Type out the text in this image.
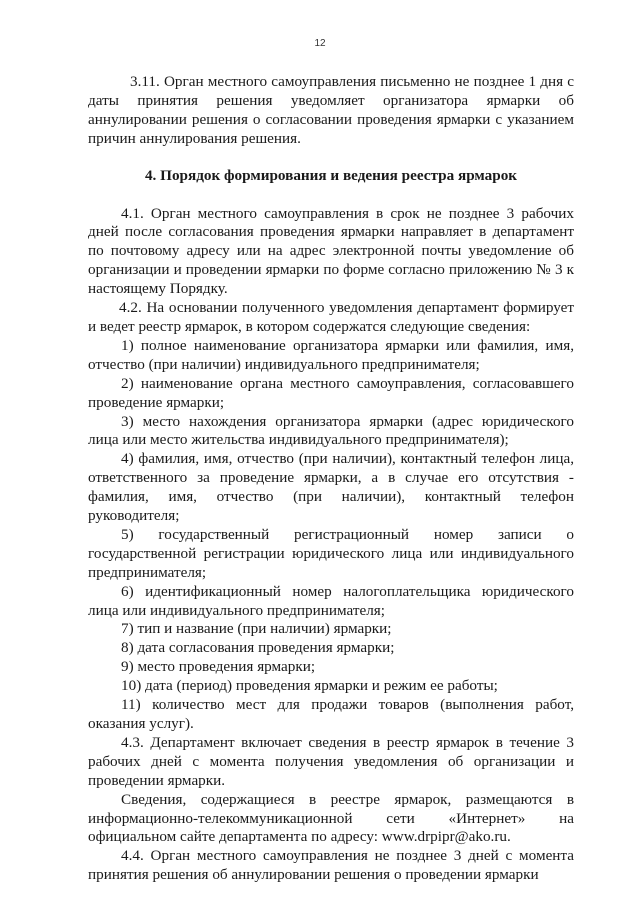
12

3.11. Орган местного самоуправления письменно не позднее 1 дня с даты принятия решения уведомляет организатора ярмарки об аннулировании решения о согласовании проведения ярмарки с указанием причин аннулирования решения.

4. Порядок формирования и ведения реестра ярмарок

4.1. Орган местного самоуправления в срок не позднее 3 рабочих дней после согласования проведения ярмарки направляет в департамент по почтовому адресу или на адрес электронной почты уведомление об организации и проведении ярмарки по форме согласно приложению № 3 к настоящему Порядку.

4.2. На основании полученного уведомления департамент формирует и ведет реестр ярмарок, в котором содержатся следующие сведения:

1) полное наименование организатора ярмарки или фамилия, имя, отчество (при наличии) индивидуального предпринимателя;

2) наименование органа местного самоуправления, согласовавшего проведение ярмарки;

3) место нахождения организатора ярмарки (адрес юридического лица или место жительства индивидуального предпринимателя);

4) фамилия, имя, отчество (при наличии), контактный телефон лица, ответственного за проведение ярмарки, а в случае его отсутствия - фамилия, имя, отчество (при наличии), контактный телефон руководителя;

5) государственный регистрационный номер записи о государственной регистрации юридического лица или индивидуального предпринимателя;

6) идентификационный номер налогоплательщика юридического лица или индивидуального предпринимателя;

7) тип и название (при наличии) ярмарки;

8) дата согласования проведения ярмарки;

9) место проведения ярмарки;

10) дата (период) проведения ярмарки и режим ее работы;

11) количество мест для продажи товаров (выполнения работ, оказания услуг).

4.3. Департамент включает сведения в реестр ярмарок в течение 3 рабочих дней с момента получения уведомления об организации и проведении ярмарки.

Сведения, содержащиеся в реестре ярмарок, размещаются в информационно-телекоммуникационной сети «Интернет» на официальном сайте департамента по адресу: www.drpipr@ako.ru.

4.4. Орган местного самоуправления не позднее 3 дней с момента принятия решения об аннулировании решения о проведении ярмарки
